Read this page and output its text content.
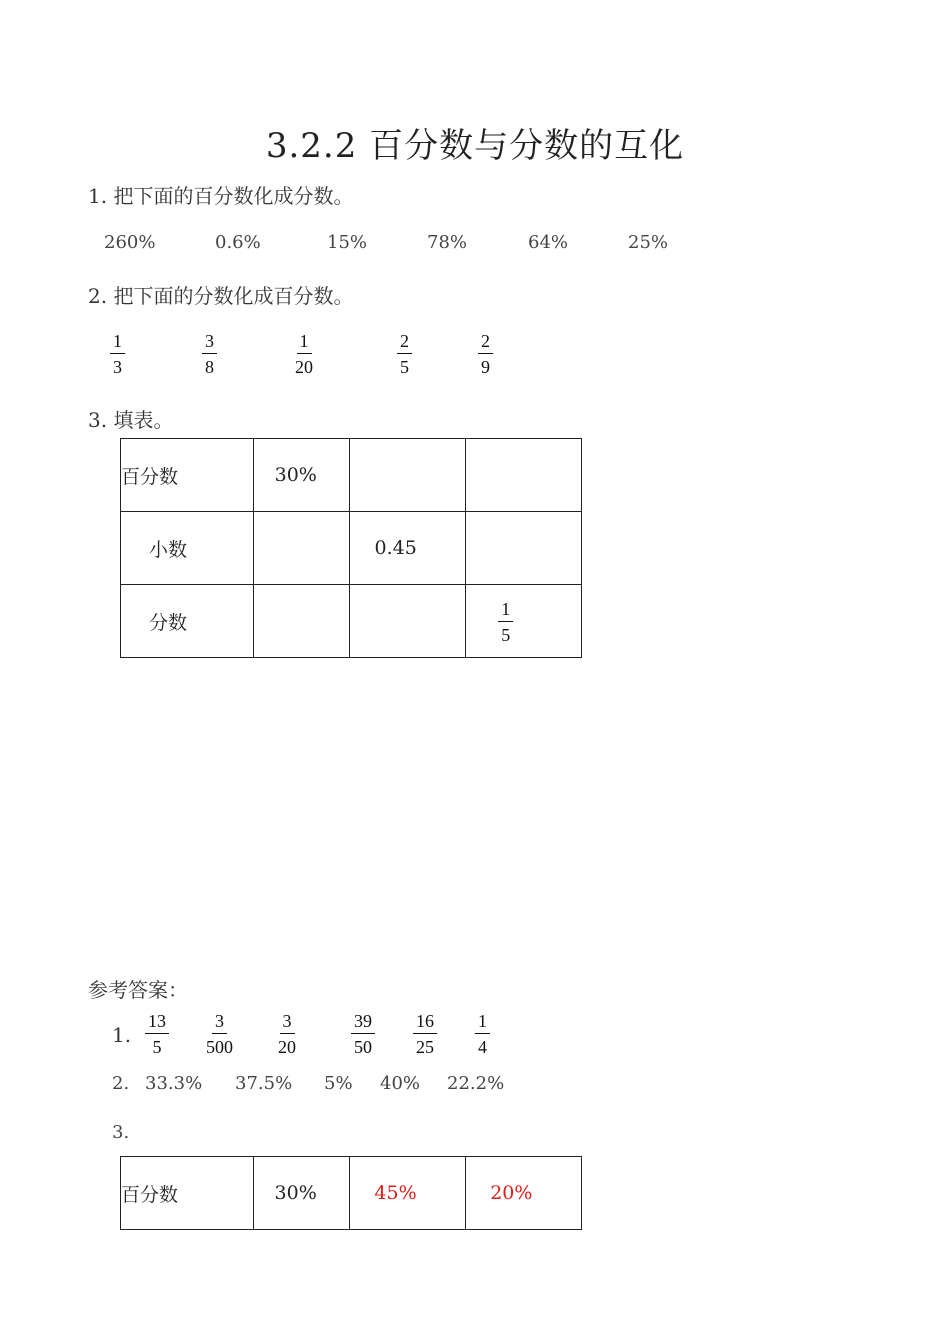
3.2.2 百分数与分数的互化
1. 把下面的百分数化成分数。
260%	0.6%	15%	78%	64%	25%
2. 把下面的分数化成百分数。
$\frac{1}{3}$	$\frac{3}{8}$	$\frac{1}{20}$	$\frac{2}{5}$	$\frac{2}{9}$
3. 填表。
百分数	30%		
小数		0.45	
分数			$\frac{1}{5}$
参考答案：
1. $\frac{13}{5} \frac{3}{500}$	$\frac{3}{20}$	$\frac{39}{50} \frac{16}{25} \frac{1}{4}$
2. 33.3% 37.5% 5% 40% 22.2%
3.
百分数	30%	45%	20%
